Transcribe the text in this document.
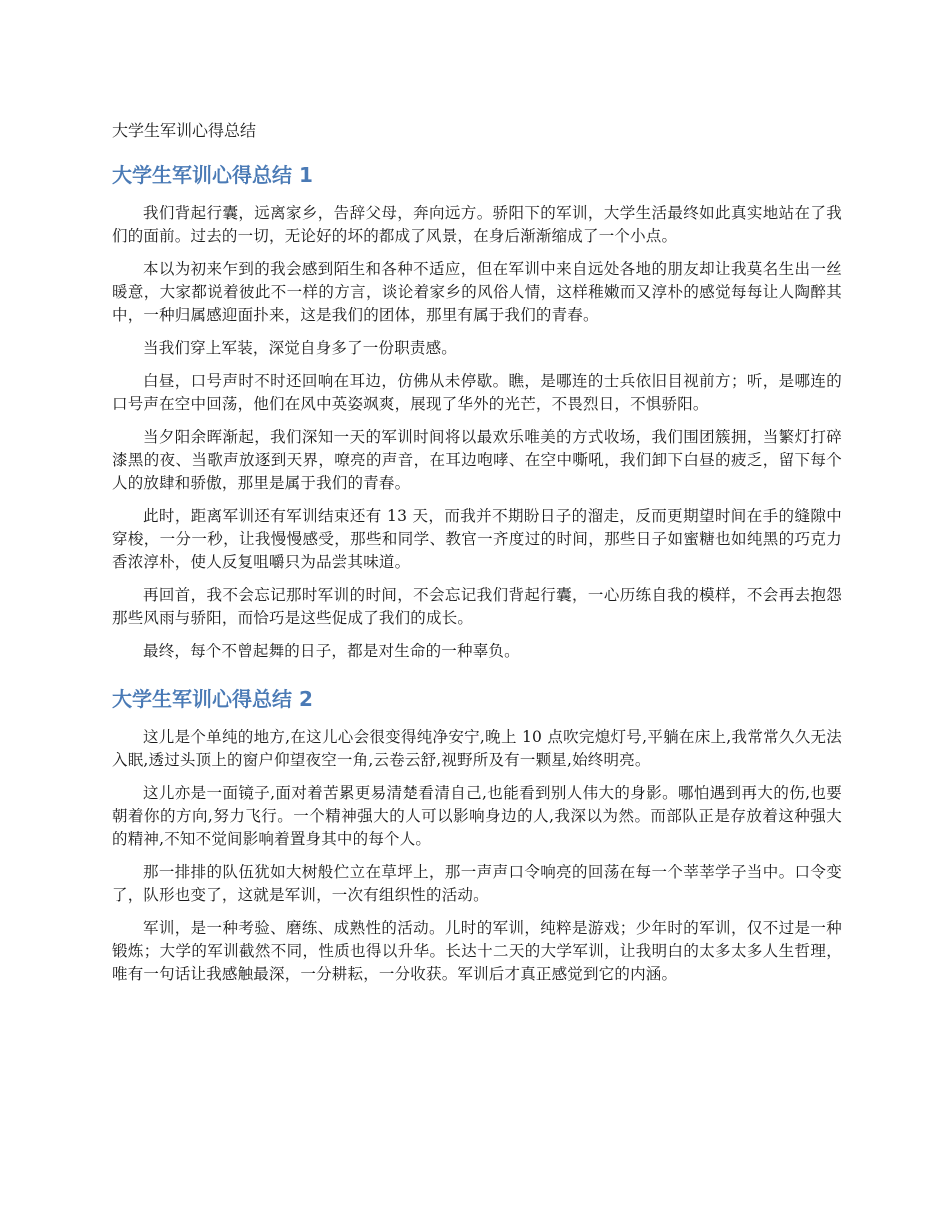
大学生军训心得总结
大学生军训心得总结 1

我们背起行囊，远离家乡，告辞父母，奔向远方。骄阳下的军训，大学生活最终如此真实地站在了我们的面前。过去的一切，无论好的坏的都成了风景，在身后渐渐缩成了一个小点。

本以为初来乍到的我会感到陌生和各种不适应，但在军训中来自远处各地的朋友却让我莫名生出一丝暖意，大家都说着彼此不一样的方言，谈论着家乡的风俗人情，这样稚嫩而又淳朴的感觉每每让人陶醉其中，一种归属感迎面扑来，这是我们的团体，那里有属于我们的青春。

当我们穿上军装，深觉自身多了一份职责感。

白昼，口号声时不时还回响在耳边，仿佛从未停歇。瞧，是哪连的士兵依旧目视前方；听，是哪连的口号声在空中回荡，他们在风中英姿飒爽，展现了华外的光芒，不畏烈日，不惧骄阳。

当夕阳余晖渐起，我们深知一天的军训时间将以最欢乐唯美的方式收场，我们围团簇拥，当繁灯打碎漆黑的夜、当歌声放逐到天界，嘹亮的声音，在耳边咆哮、在空中嘶吼，我们卸下白昼的疲乏，留下每个人的放肆和骄傲，那里是属于我们的青春。

此时，距离军训还有军训结束还有 13 天，而我并不期盼日子的溜走，反而更期望时间在手的缝隙中穿梭，一分一秒，让我慢慢感受，那些和同学、教官一齐度过的时间，那些日子如蜜糖也如纯黑的巧克力香浓淳朴，使人反复咀嚼只为品尝其味道。

再回首，我不会忘记那时军训的时间，不会忘记我们背起行囊，一心历练自我的模样，不会再去抱怨那些风雨与骄阳，而恰巧是这些促成了我们的成长。

最终，每个不曾起舞的日子，都是对生命的一种辜负。

大学生军训心得总结 2

这儿是个单纯的地方,在这儿心会很变得纯净安宁,晚上 10 点吹完熄灯号,平躺在床上,我常常久久无法入眠,透过头顶上的窗户仰望夜空一角,云卷云舒,视野所及有一颗星,始终明亮。

这儿亦是一面镜子,面对着苦累更易清楚看清自己,也能看到别人伟大的身影。哪怕遇到再大的伤,也要朝着你的方向,努力飞行。一个精神强大的人可以影响身边的人,我深以为然。而部队正是存放着这种强大的精神,不知不觉间影响着置身其中的每个人。

那一排排的队伍犹如大树般伫立在草坪上，那一声声口令响亮的回荡在每一个莘莘学子当中。口令变了，队形也变了，这就是军训，一次有组织性的活动。

军训，是一种考验、磨练、成熟性的活动。儿时的军训，纯粹是游戏；少年时的军训，仅不过是一种锻炼；大学的军训截然不同，性质也得以升华。长达十二天的大学军训，让我明白的太多太多人生哲理，唯有一句话让我感触最深，一分耕耘，一分收获。军训后才真正感觉到它的内涵。
